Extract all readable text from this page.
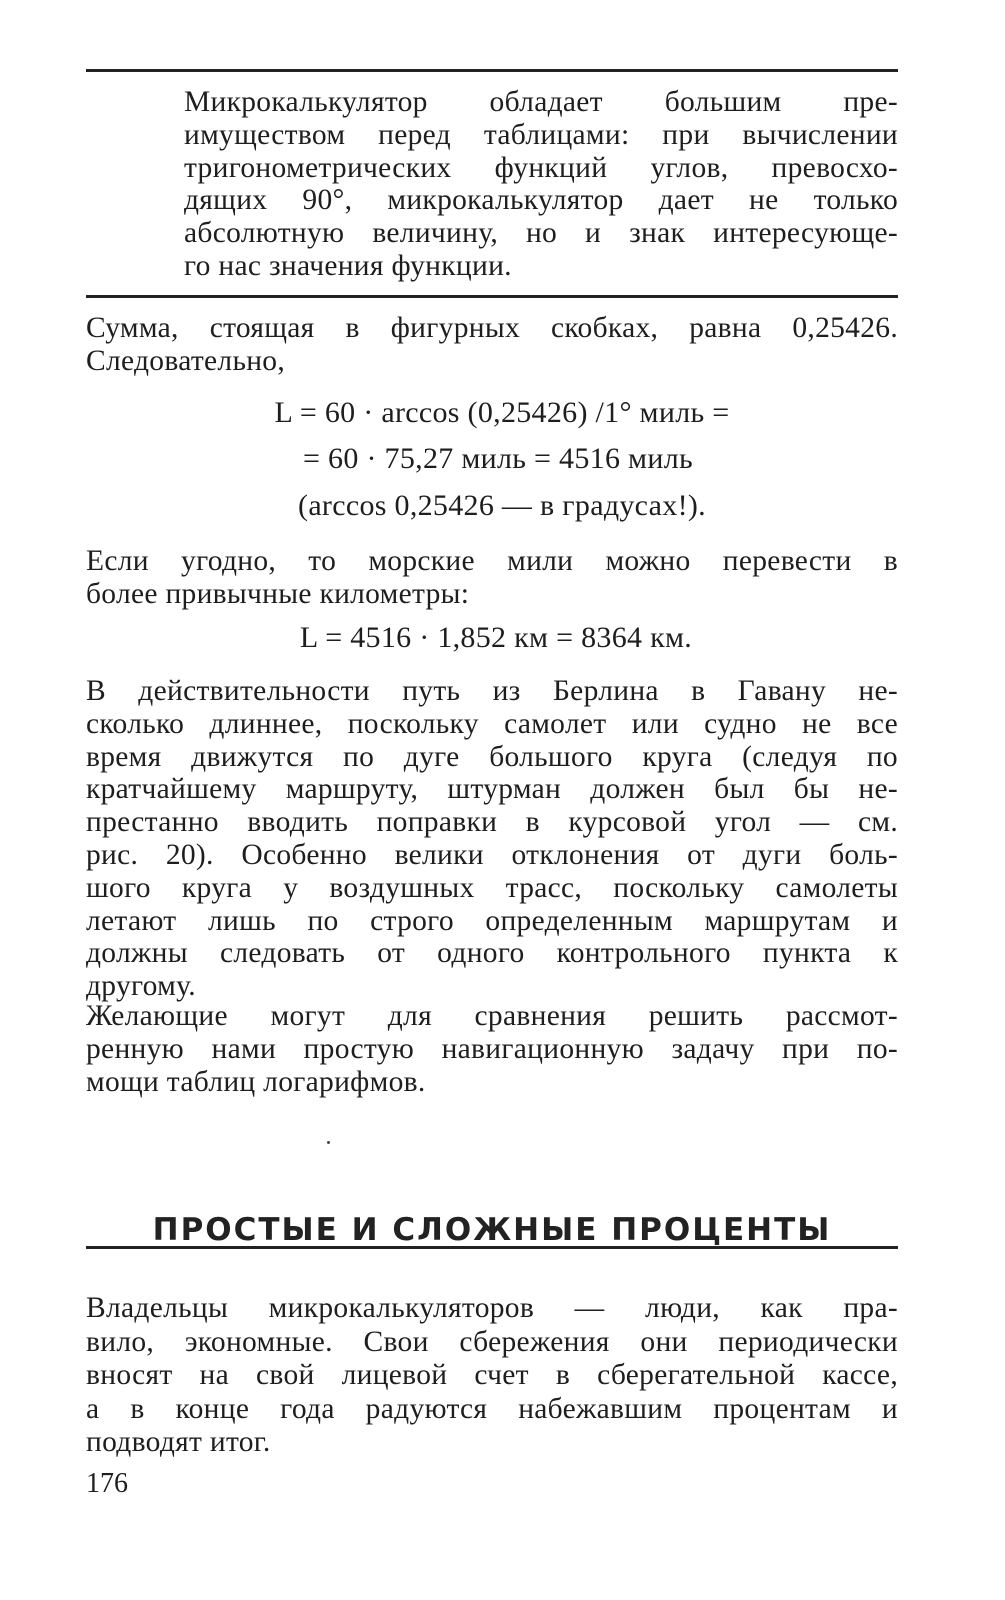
Микрокалькулятор обладает большим пре-
имуществом перед таблицами: при вычислении
тригонометрических функций углов, превосхо-
дящих 90°, микрокалькулятор дает не только
абсолютную величину, но и знак интересующе-
го нас значения функции.

Сумма, стоящая в фигурных скобках, равна 0,25426.
Следовательно,

L = 60 · arccos (0,25426) /1° миль =
= 60 · 75,27 миль = 4516 миль
(arccos 0,25426 — в градусах!).

Если угодно, то морские мили можно перевести в
более привычные километры:

L = 4516 · 1,852 км = 8364 км.

В действительности путь из Берлина в Гавану не-
сколько длиннее, поскольку самолет или судно не все
время движутся по дуге большого круга (следуя по
кратчайшему маршруту, штурман должен был бы не-
престанно вводить поправки в курсовой угол — см.
рис. 20). Особенно велики отклонения от дуги боль-
шого круга у воздушных трасс, поскольку самолеты
летают лишь по строго определенным маршрутам и
должны следовать от одного контрольного пункта к
другому.

Желающие могут для сравнения решить рассмот-
ренную нами простую навигационную задачу при по-
мощи таблиц логарифмов.

ПРОСТЫЕ И СЛОЖНЫЕ ПРОЦЕНТЫ

Владельцы микрокалькуляторов — люди, как пра-
вило, экономные. Свои сбережения они периодически
вносят на свой лицевой счет в сберегательной кассе,
а в конце года радуются набежавшим процентам и
подводят итог.

176
